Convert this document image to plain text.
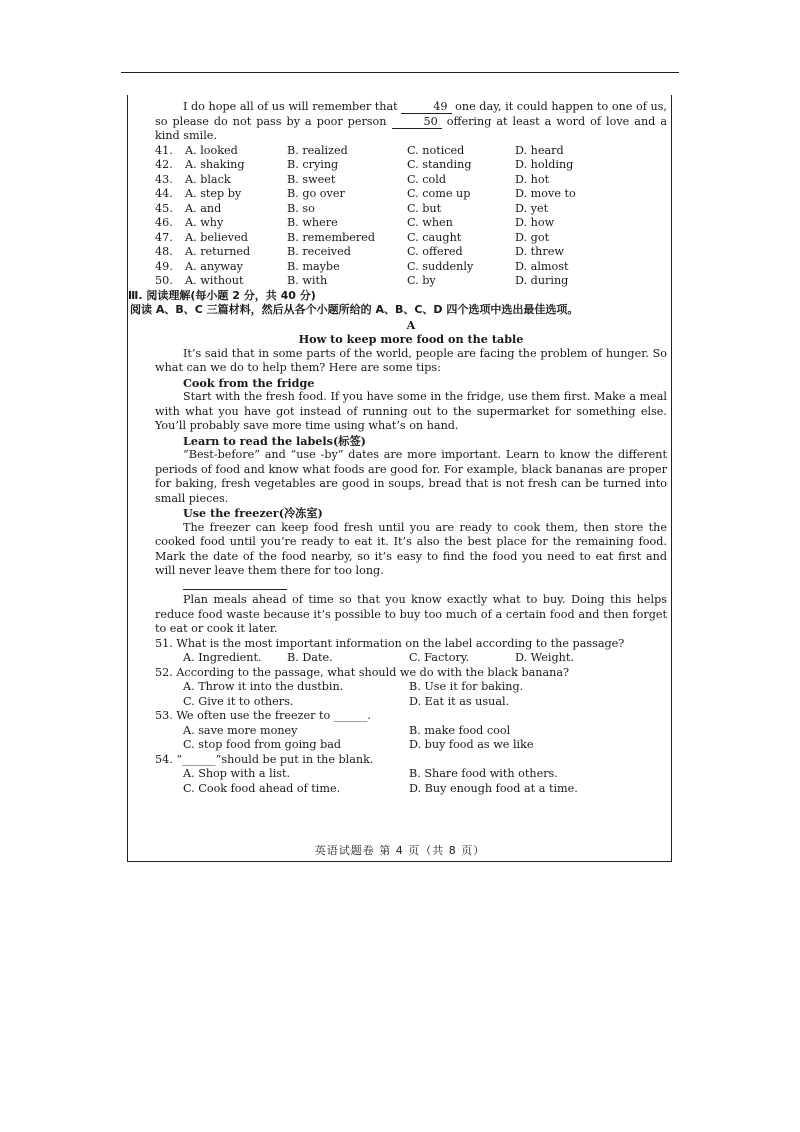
I do hope all of us will remember that	49 one day, it could happen to one of us, so please do not pass by a poor person	50 offering at least a word of love and a kind smile.

41.	A. looked	B. realized	C. noticed	D. heard
42.	A. shaking	B. crying	C. standing	D. holding
43.	A. black	B. sweet	C. cold	D. hot
44.	A. step by	B. go over	C. come up	D. move to
45.	A. and	B. so	C. but	D. yet
46.	A. why	B. where	C. when	D. how
47.	A. believed	B. remembered	C. caught	D. got
48.	A. returned	B. received	C. offered	D. threw
49.	A. anyway	B. maybe	C. suddenly	D. almost
50.	A. without	B. with	C. by	D. during
Ⅲ. 阅读理解(每小题 2 分，共 40 分)
阅读 A、B、C 三篇材料，然后从各个小题所给的 A、B、C、D 四个选项中选出最佳选项。
A
How to keep more food on the table

It’s said that in some parts of the world, people are facing the problem of hunger. So what can we do to help them? Here are some tips:

Cook from the fridge

Start with the fresh food. If you have some in the fridge, use them first. Make a meal with what you have got instead of running out to the supermarket for something else. You’ll probably save more time using what’s on hand.

Learn to read the labels(标签)

“Best-before” and “use -by” dates are more important. Learn to know the different periods of food and know what foods are good for. For example, black bananas are proper for baking, fresh vegetables are good in soups, bread that is not fresh can be turned into small pieces.

Use the freezer(冷冻室)

The freezer can keep food fresh until you are ready to cook them, then store the cooked food until you’re ready to eat it. It’s also the best place for the remaining food. Mark the date of the food nearby, so it’s easy to find the food you need to eat first and will never leave them there for too long.

Plan meals ahead of time so that you know exactly what to buy. Doing this helps reduce food waste because it’s possible to buy too much of a certain food and then forget to eat or cook it later.

51. What is the most important information on the label according to the passage?
A. Ingredient.	B. Date.	C. Factory.	D. Weight.
52. According to the passage, what should we do with the black banana?
A. Throw it into the dustbin.	B. Use it for baking.
C. Give it to others.	D. Eat it as usual.
53. We often use the freezer to ______.
A. save more money	B. make food cool
C. stop food from going bad	D. buy food as we like
54. “______”should be put in the blank.
A. Shop with a list.	B. Share food with others.
C. Cook food ahead of time.	D. Buy enough food at a time.
英语试题卷 第 4 页（共 8 页）
